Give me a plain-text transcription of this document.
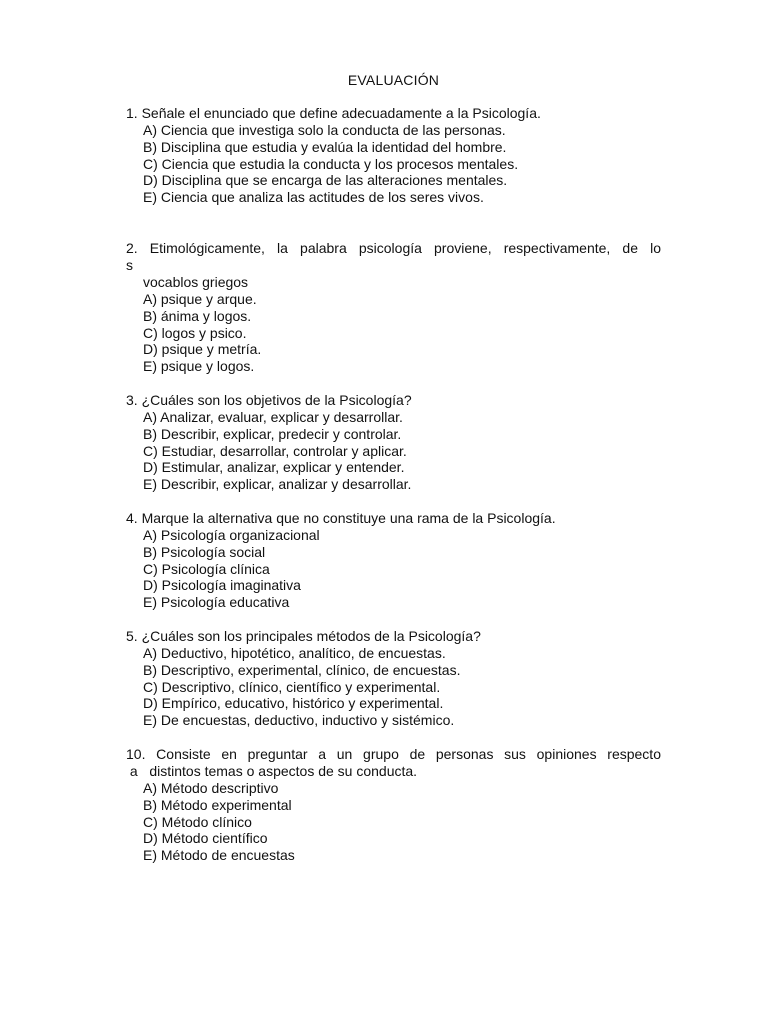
EVALUACIÓN
1. Señale el enunciado que define adecuadamente a la Psicología.
A) Ciencia que investiga solo la conducta de las personas.
B) Disciplina que estudia y evalúa la identidad del hombre.
C) Ciencia que estudia la conducta y los procesos mentales.
D) Disciplina que se encarga de las alteraciones mentales.
E) Ciencia que analiza las actitudes de los seres vivos.
2. Etimológicamente, la palabra psicología proviene, respectivamente, de lo
s
vocablos griegos
A) psique y arque.
B) ánima y logos.
C) logos y psico.
D) psique y metría.
E) psique y logos.
3. ¿Cuáles son los objetivos de la Psicología?
A) Analizar, evaluar, explicar y desarrollar.
B) Describir, explicar, predecir y controlar.
C) Estudiar, desarrollar, controlar y aplicar.
D) Estimular, analizar, explicar y entender.
E) Describir, explicar, analizar y desarrollar.
4. Marque la alternativa que no constituye una rama de la Psicología.
A) Psicología organizacional
B) Psicología social
C) Psicología clínica
D) Psicología imaginativa
E) Psicología educativa
5. ¿Cuáles son los principales métodos de la Psicología?
A) Deductivo, hipotético, analítico, de encuestas.
B) Descriptivo, experimental, clínico, de encuestas.
C) Descriptivo, clínico, científico y experimental.
D) Empírico, educativo, histórico y experimental.
E) De encuestas, deductivo, inductivo y sistémico.
10. Consiste en preguntar a un grupo de personas sus opiniones respecto
a   distintos temas o aspectos de su conducta.
A) Método descriptivo
B) Método experimental
C) Método clínico
D) Método científico
E) Método de encuestas
